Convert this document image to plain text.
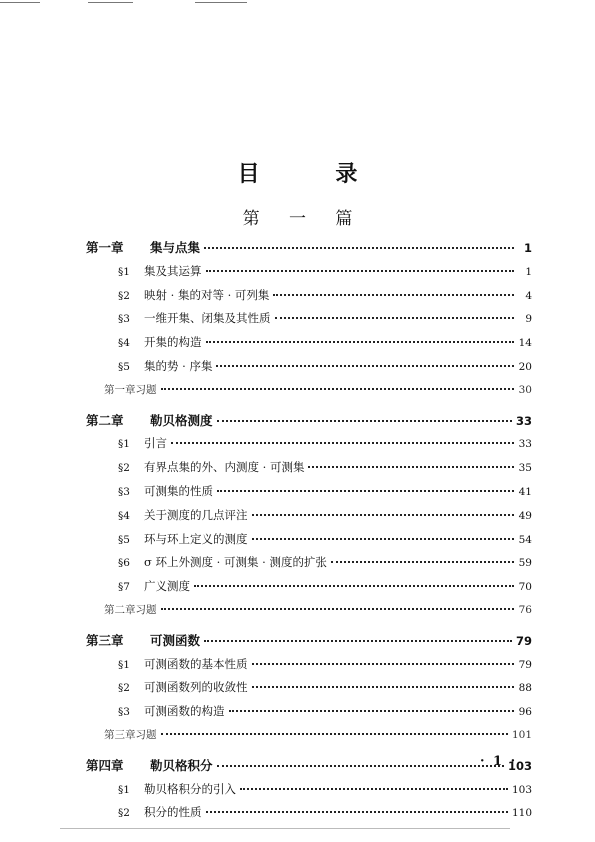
目 录
第 一 篇
第一章	集与点集	1
§1	集及其运算	1
§2	映射 · 集的对等 · 可列集	4
§3	一维开集、闭集及其性质	9
§4	开集的构造	14
§5	集的势 · 序集	20
第一章习题	30
第二章	勒贝格测度	33
§1	引言	33
§2	有界点集的外、内测度 · 可测集	35
§3	可测集的性质	41
§4	关于测度的几点评注	49
§5	环与环上定义的测度	54
§6	σ 环上外测度 · 可测集 · 测度的扩张	59
§7	广义测度	70
第二章习题	76
第三章	可测函数	79
§1	可测函数的基本性质	79
§2	可测函数列的收敛性	88
§3	可测函数的构造	96
第三章习题	101
第四章	勒贝格积分	103
§1	勒贝格积分的引入	103
§2	积分的性质	110
· 1 ·
